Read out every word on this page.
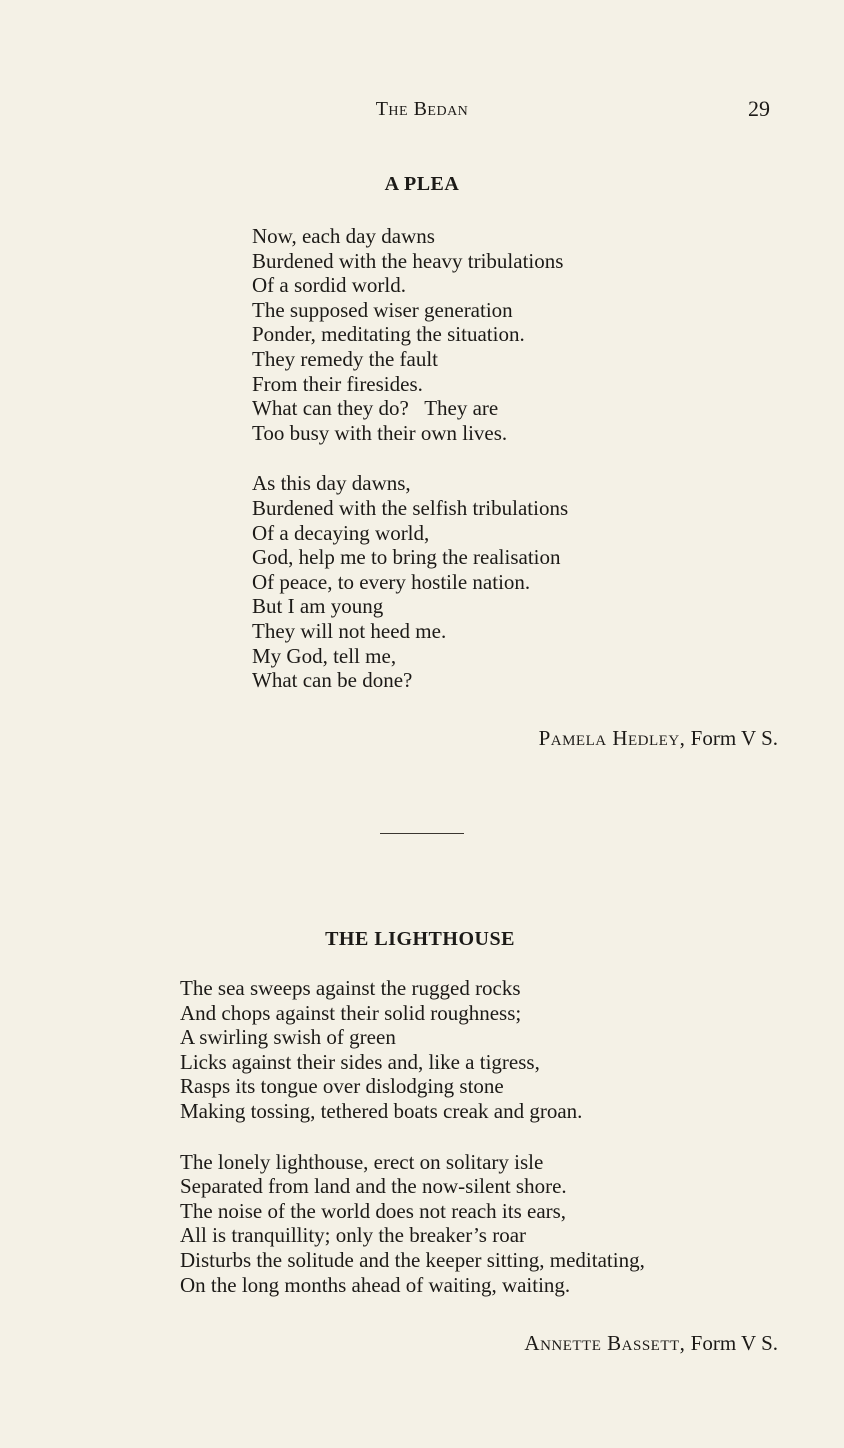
The Bedan	29
A PLEA
Now, each day dawns
Burdened with the heavy tribulations
Of a sordid world.
The supposed wiser generation
Ponder, meditating the situation.
They remedy the fault
From their firesides.
What can they do?   They are
Too busy with their own lives.
As this day dawns,
Burdened with the selfish tribulations
Of a decaying world,
God, help me to bring the realisation
Of peace, to every hostile nation.
But I am young
They will not heed me.
My God, tell me,
What can be done?
Pamela Hedley, Form V S.
THE LIGHTHOUSE
The sea sweeps against the rugged rocks
And chops against their solid roughness;
A swirling swish of green
Licks against their sides and, like a tigress,
Rasps its tongue over dislodging stone
Making tossing, tethered boats creak and groan.
The lonely lighthouse, erect on solitary isle
Separated from land and the now-silent shore.
The noise of the world does not reach its ears,
All is tranquillity; only the breaker’s roar
Disturbs the solitude and the keeper sitting, meditating,
On the long months ahead of waiting, waiting.
Annette Bassett, Form V S.
